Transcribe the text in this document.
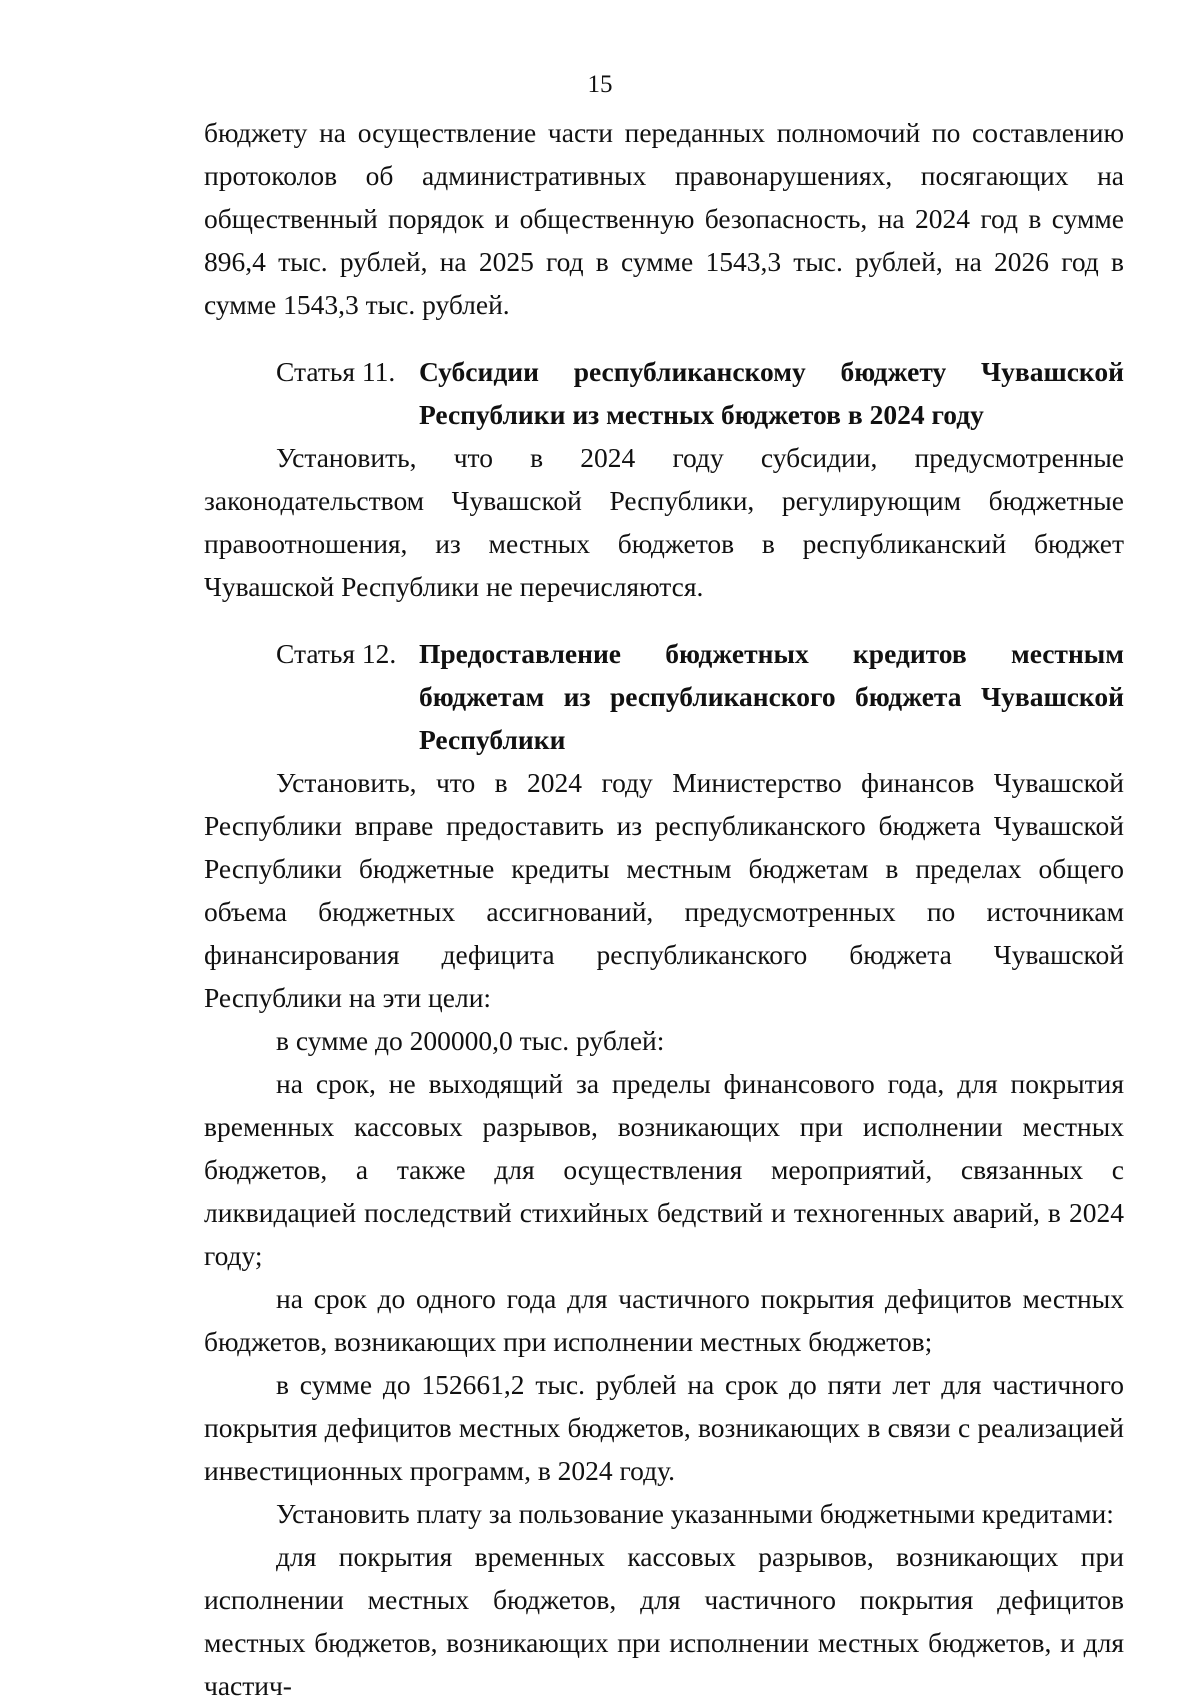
15

бюджету на осуществление части переданных полномочий по составлению протоколов об административных правонарушениях, посягающих на общественный порядок и общественную безопасность, на 2024 год в сумме 896,4 тыс. рублей, на 2025 год в сумме 1543,3 тыс. рублей, на 2026 год в сумме 1543,3 тыс. рублей.

Статья 11. Субсидии республиканскому бюджету Чувашской Республики из местных бюджетов в 2024 году

Установить, что в 2024 году субсидии, предусмотренные законодательством Чувашской Республики, регулирующим бюджетные правоотношения, из местных бюджетов в республиканский бюджет Чувашской Республики не перечисляются.

Статья 12. Предоставление бюджетных кредитов местным бюджетам из республиканского бюджета Чувашской Республики

Установить, что в 2024 году Министерство финансов Чувашской Республики вправе предоставить из республиканского бюджета Чувашской Республики бюджетные кредиты местным бюджетам в пределах общего объема бюджетных ассигнований, предусмотренных по источникам финансирования дефицита республиканского бюджета Чувашской Республики на эти цели:

в сумме до 200000,0 тыс. рублей:

на срок, не выходящий за пределы финансового года, для покрытия временных кассовых разрывов, возникающих при исполнении местных бюджетов, а также для осуществления мероприятий, связанных с ликвидацией последствий стихийных бедствий и техногенных аварий, в 2024 году;

на срок до одного года для частичного покрытия дефицитов местных бюджетов, возникающих при исполнении местных бюджетов;

в сумме до 152661,2 тыс. рублей на срок до пяти лет для частичного покрытия дефицитов местных бюджетов, возникающих в связи с реализацией инвестиционных программ, в 2024 году.

Установить плату за пользование указанными бюджетными кредитами:

для покрытия временных кассовых разрывов, возникающих при исполнении местных бюджетов, для частичного покрытия дефицитов местных бюджетов, возникающих при исполнении местных бюджетов, и для частич-
